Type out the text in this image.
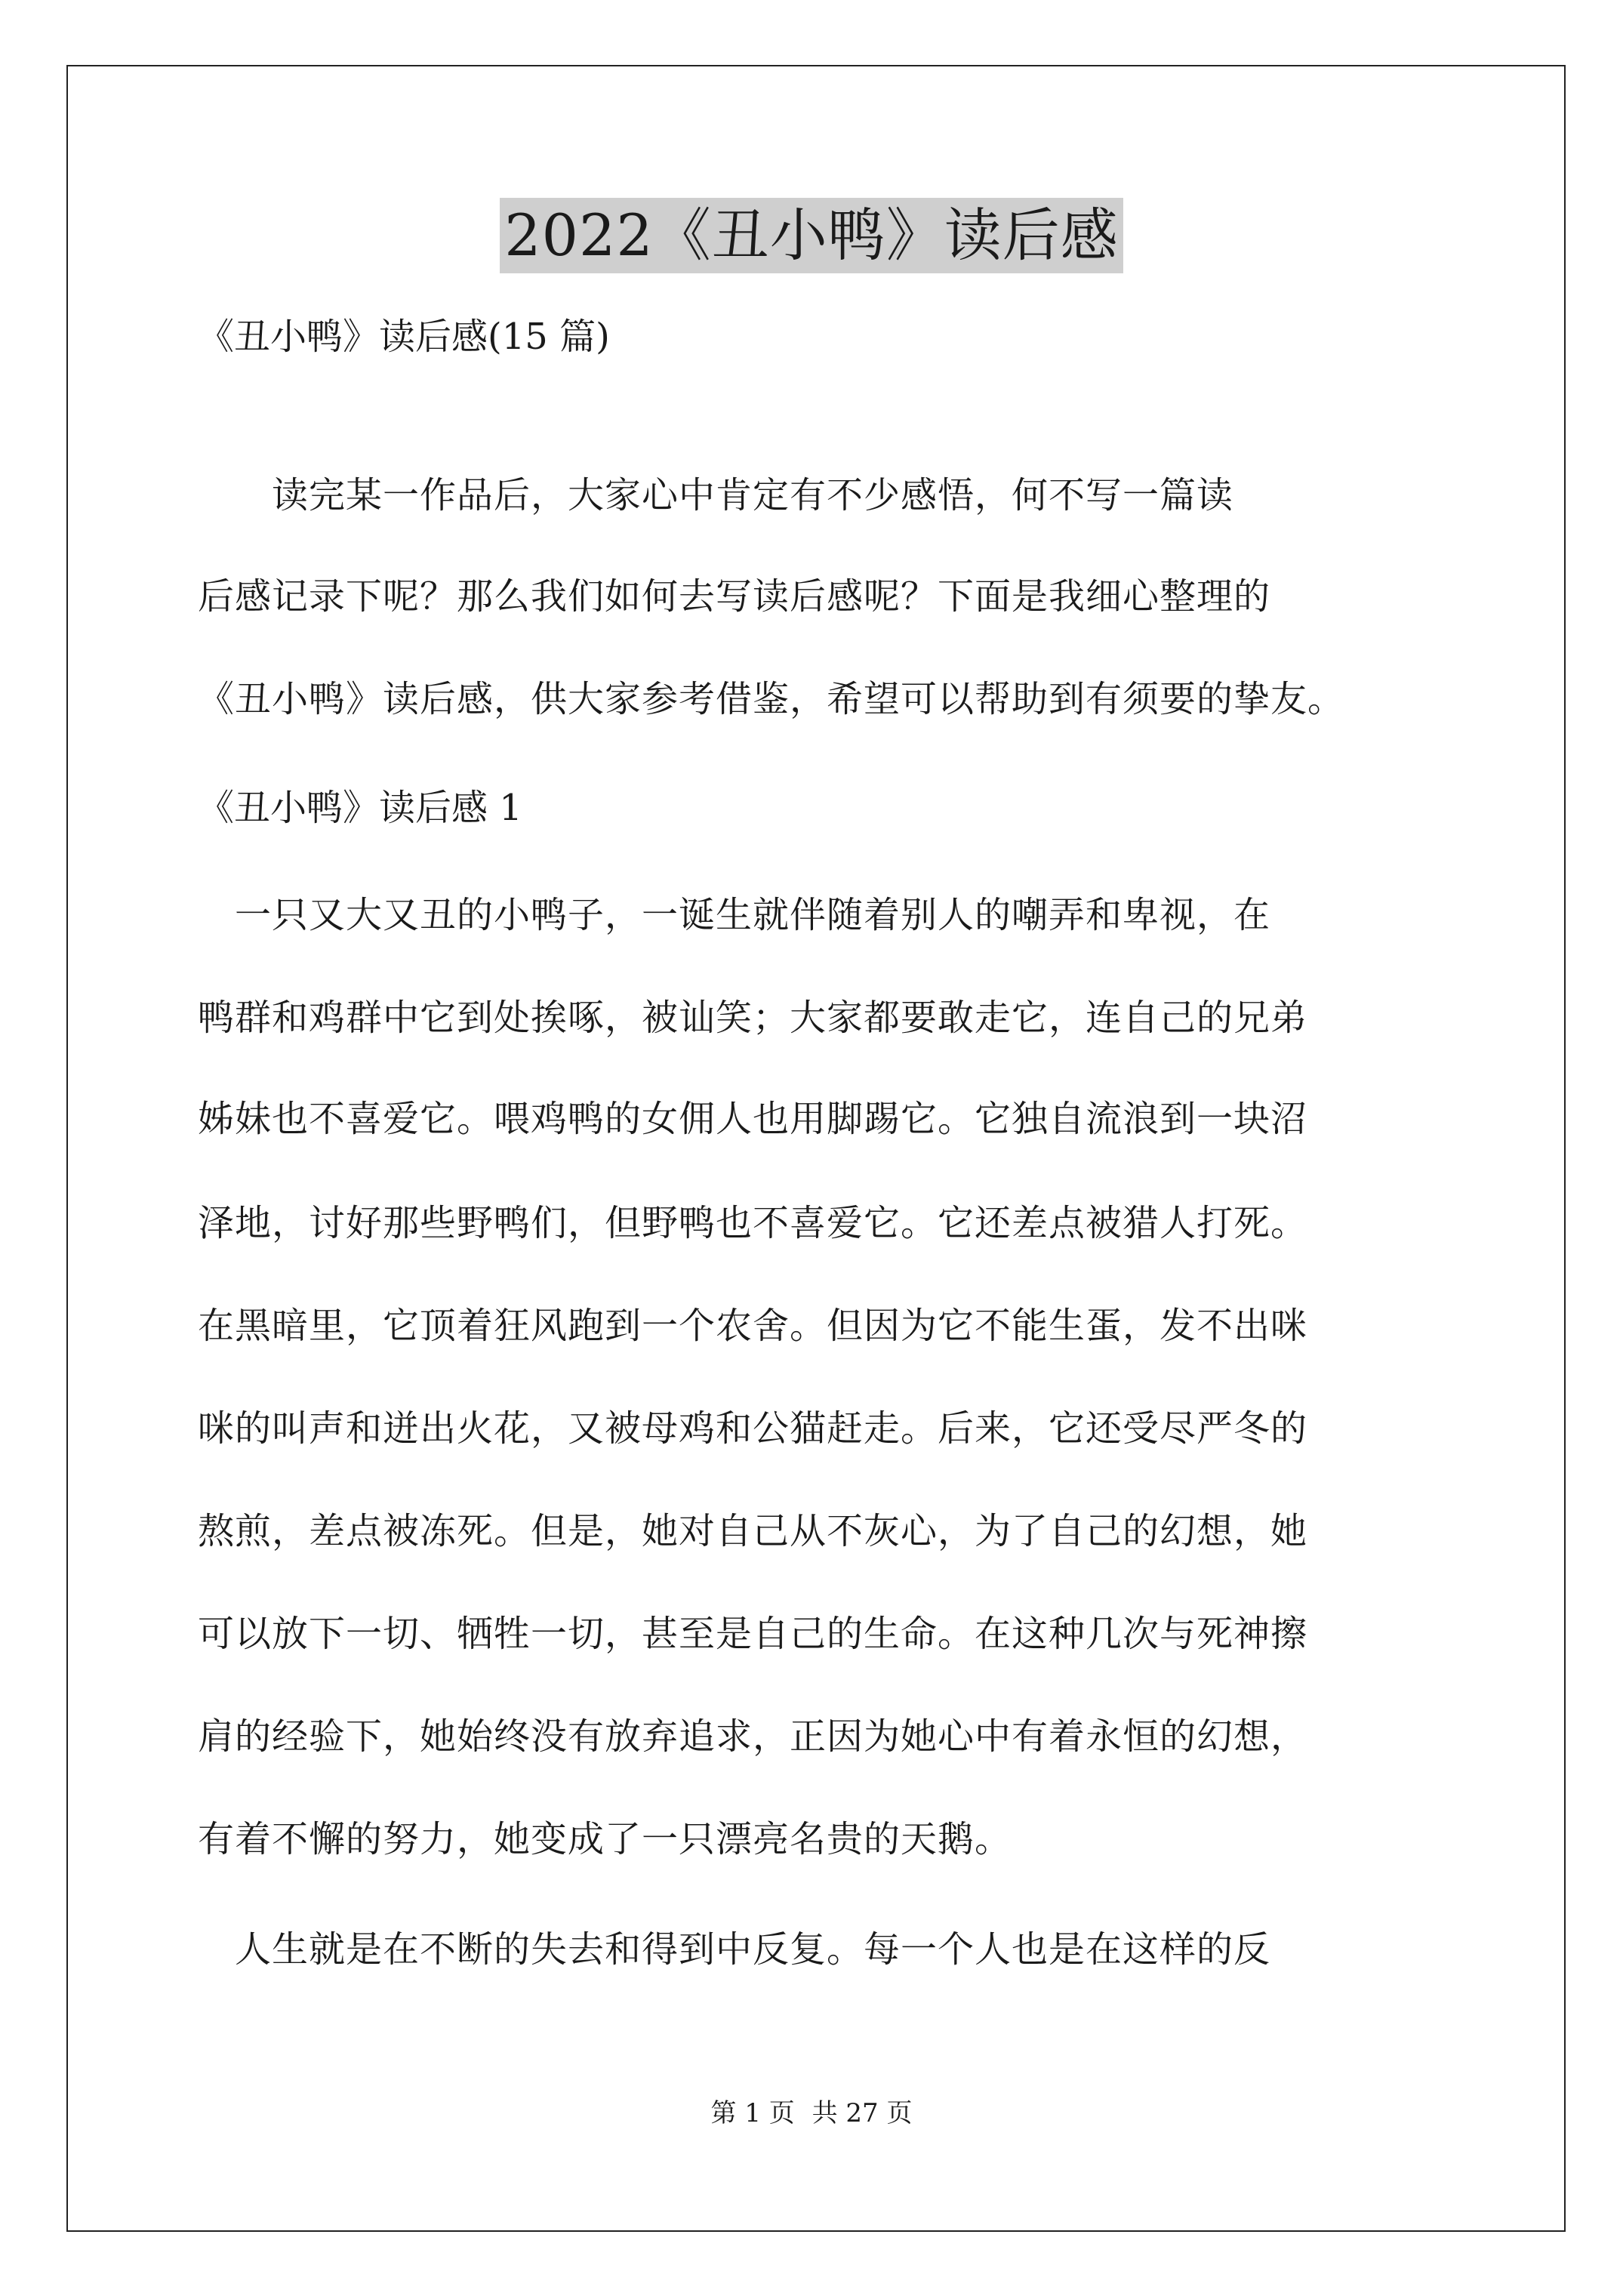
2022《丑小鸭》读后感
《丑小鸭》读后感(15 篇)
　　读完某一作品后，大家心中肯定有不少感悟，何不写一篇读
后感记录下呢？那么我们如何去写读后感呢？下面是我细心整理的
《丑小鸭》读后感，供大家参考借鉴，希望可以帮助到有须要的挚友。
《丑小鸭》读后感 1
　一只又大又丑的小鸭子，一诞生就伴随着别人的嘲弄和卑视，在
鸭群和鸡群中它到处挨啄，被讪笑；大家都要敢走它，连自己的兄弟
姊妹也不喜爱它。喂鸡鸭的女佣人也用脚踢它。它独自流浪到一块沼
泽地，讨好那些野鸭们，但野鸭也不喜爱它。它还差点被猎人打死。
在黑暗里，它顶着狂风跑到一个农舍。但因为它不能生蛋，发不出咪
咪的叫声和迸出火花，又被母鸡和公猫赶走。后来，它还受尽严冬的
熬煎，差点被冻死。但是，她对自己从不灰心，为了自己的幻想，她
可以放下一切、牺牲一切，甚至是自己的生命。在这种几次与死神擦
肩的经验下，她始终没有放弃追求，正因为她心中有着永恒的幻想，
有着不懈的努力，她变成了一只漂亮名贵的天鹅。
　人生就是在不断的失去和得到中反复。每一个人也是在这样的反
第 1 页 共 27 页
